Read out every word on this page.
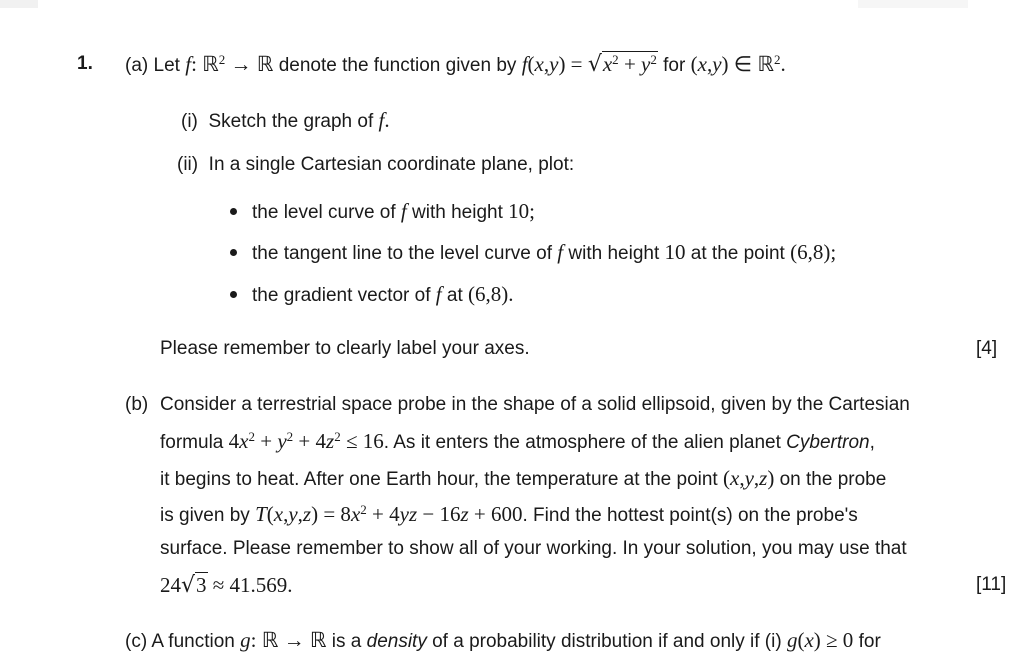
1. (a) Let f: ℝ$^2$ → ℝ denote the function given by $f(x,y) = √x^2 + y^2$ for (x,y) ∈ ℝ$^2$.
(i) Sketch the graph of f.
(ii) In a single Cartesian coordinate plane, plot:
the level curve of f with height 10;
the tangent line to the level curve of f with height 10 at the point (6,8);
the gradient vector of f at (6,8).
Please remember to clearly label your axes.	[4]
(b) Consider a terrestrial space probe in the shape of a solid ellipsoid, given by the Cartesian
formula $4x^2 + y^2 + 4z^2 \le 16$. As it enters the atmosphere of the alien planet Cybertron,
it begins to heat. After one Earth hour, the temperature at the point (x,y,z) on the probe
is given by $T(x,y,z) = 8x^2 + 4yz - 16z + 600$. Find the hottest point(s) on the probe's
surface. Please remember to show all of your working. In your solution, you may use that
24√3 ≈ 41.569.	[11]
(c) A function g: ℝ → ℝ is a density of a probability distribution if and only if (i) g(x) ≥ 0 for
